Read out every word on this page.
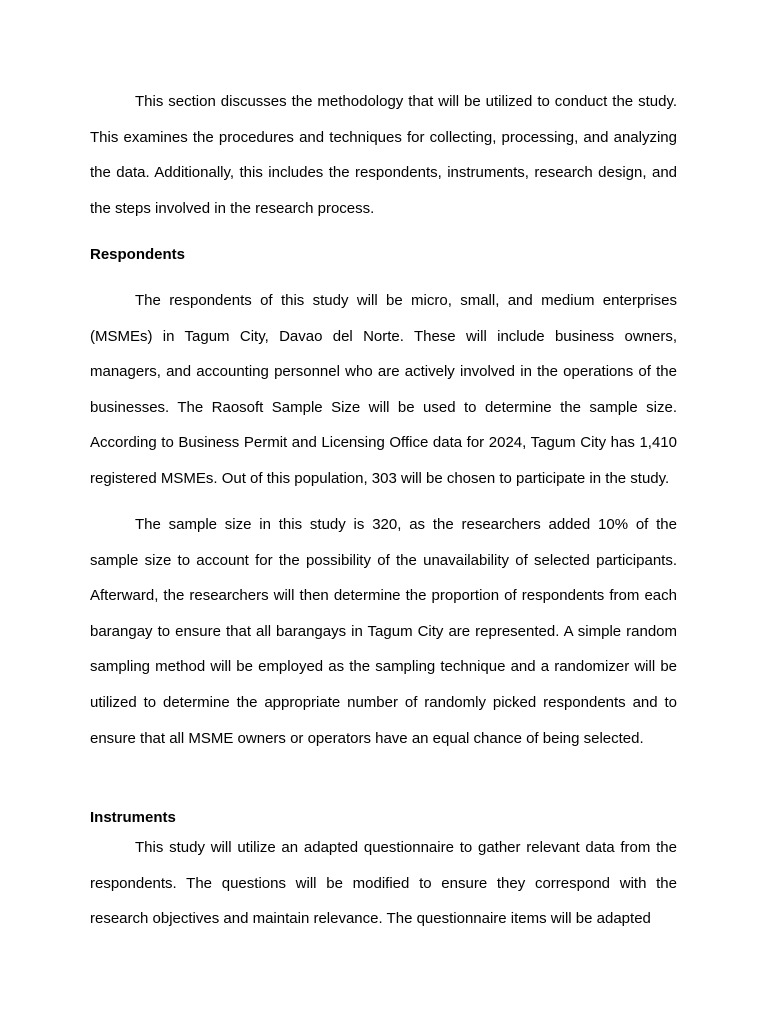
This section discusses the methodology that will be utilized to conduct the study. This examines the procedures and techniques for collecting, processing, and analyzing the data. Additionally, this includes the respondents, instruments, research design, and the steps involved in the research process.

Respondents

The respondents of this study will be micro, small, and medium enterprises (MSMEs) in Tagum City, Davao del Norte. These will include business owners, managers, and accounting personnel who are actively involved in the operations of the businesses. The Raosoft Sample Size will be used to determine the sample size. According to Business Permit and Licensing Office data for 2024, Tagum City has 1,410 registered MSMEs. Out of this population, 303 will be chosen to participate in the study.

The sample size in this study is 320, as the researchers added 10% of the sample size to account for the possibility of the unavailability of selected participants. Afterward, the researchers will then determine the proportion of respondents from each barangay to ensure that all barangays in Tagum City are represented. A simple random sampling method will be employed as the sampling technique and a randomizer will be utilized to determine the appropriate number of randomly picked respondents and to ensure that all MSME owners or operators have an equal chance of being selected.

Instruments

This study will utilize an adapted questionnaire to gather relevant data from the respondents. The questions will be modified to ensure they correspond with the research objectives and maintain relevance. The questionnaire items will be adapted
